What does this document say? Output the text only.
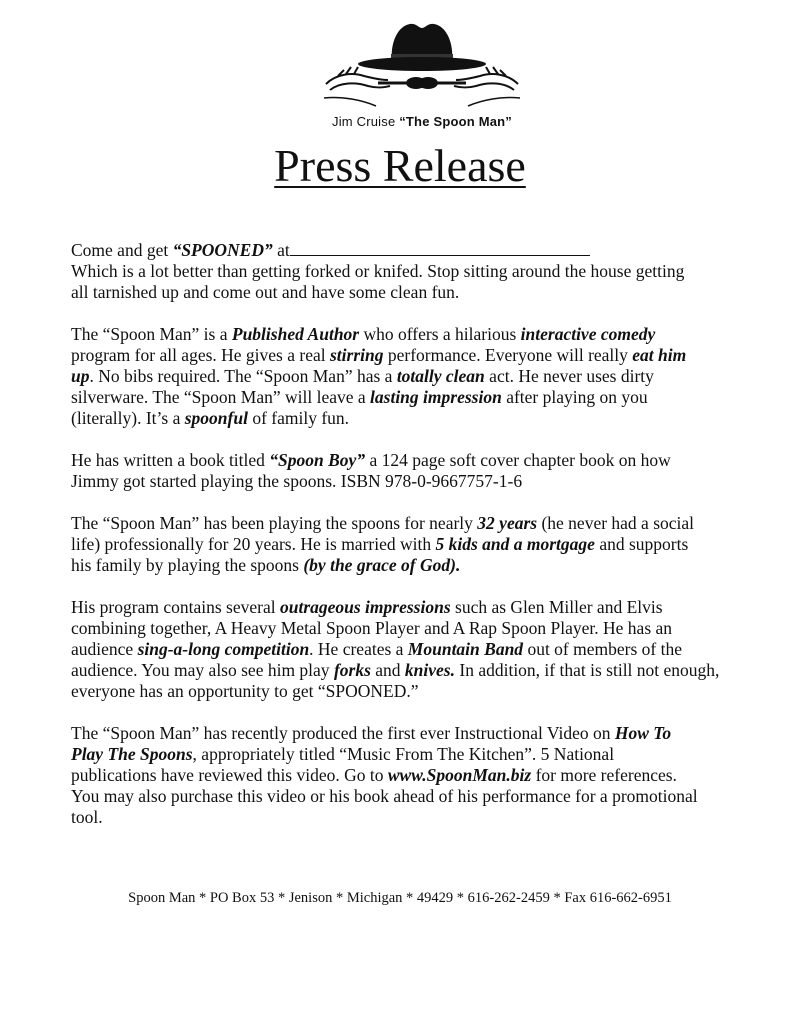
Jim Cruise “The Spoon Man”
Press Release
Come and get “SPOONED” at
Which is a lot better than getting forked or knifed. Stop sitting around the house getting
all tarnished up and come out and have some clean fun.
The “Spoon Man” is a Published Author who offers a hilarious interactive comedy
program for all ages. He gives a real stirring performance. Everyone will really eat him
up. No bibs required. The “Spoon Man” has a totally clean act. He never uses dirty
silverware. The “Spoon Man” will leave a lasting impression after playing on you
(literally). It’s a spoonful of family fun.
He has written a book titled “Spoon Boy” a 124 page soft cover chapter book on how
Jimmy got started playing the spoons. ISBN 978-0-9667757-1-6
The “Spoon Man” has been playing the spoons for nearly 32 years (he never had a social
life) professionally for 20 years. He is married with 5 kids and a mortgage and supports
his family by playing the spoons (by the grace of God).
His program contains several outrageous impressions such as Glen Miller and Elvis
combining together, A Heavy Metal Spoon Player and A Rap Spoon Player. He has an
audience sing-a-long competition. He creates a Mountain Band out of members of the
audience. You may also see him play forks and knives. In addition, if that is still not enough,
everyone has an opportunity to get “SPOONED.”
The “Spoon Man” has recently produced the first ever Instructional Video on How To
Play The Spoons, appropriately titled “Music From The Kitchen”. 5 National
publications have reviewed this video. Go to www.SpoonMan.biz for more references.
You may also purchase this video or his book ahead of his performance for a promotional
tool.
Spoon Man * PO Box 53 * Jenison * Michigan * 49429 * 616-262-2459 * Fax 616-662-6951
